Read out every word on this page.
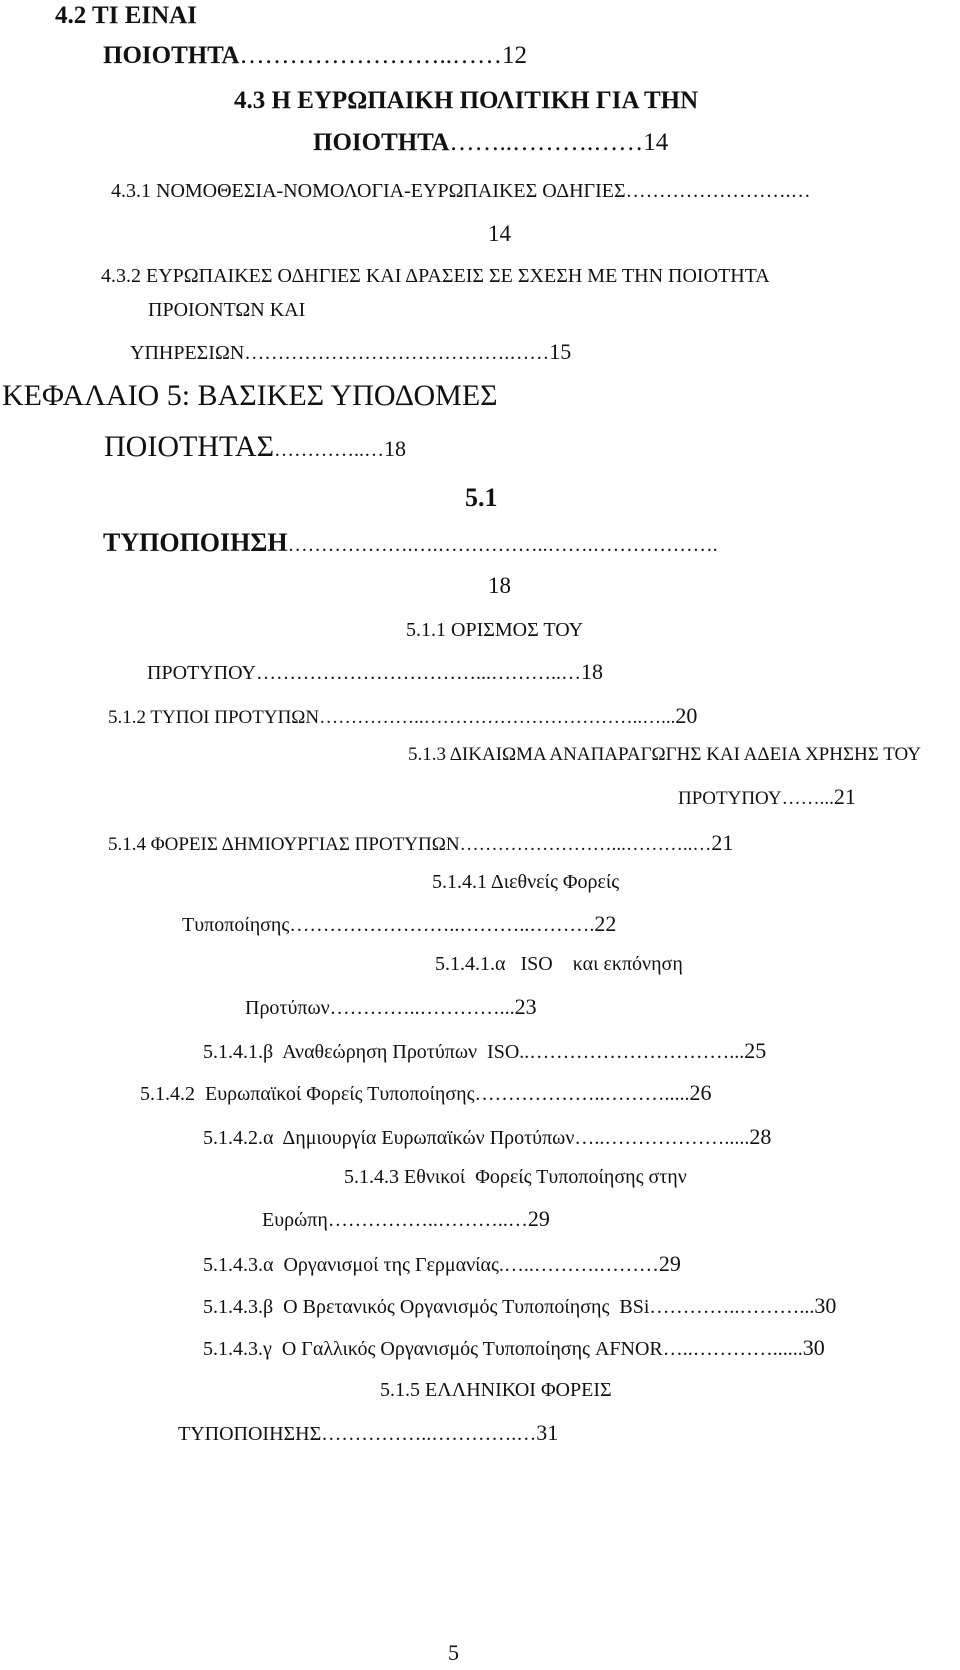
4.2 ΤΙ ΕΙΝΑΙ
ΠΟΙΟΤΗΤΑ……………………..……12
4.3 Η ΕΥΡΩΠΑΙΚΗ ΠΟΛΙΤΙΚΗ ΓΙΑ ΤΗΝ
ΠΟΙΟΤΗΤΑ……..……….……14
4.3.1 ΝΟΜΟΘΕΣΙΑ-ΝΟΜΟΛΟΓΙΑ-ΕΥΡΩΠΑΙΚΕΣ ΟΔΗΓΙΕΣ…………………….…
14
4.3.2 ΕΥΡΩΠΑΙΚΕΣ ΟΔΗΓΙΕΣ ΚΑΙ ΔΡΑΣΕΙΣ ΣΕ ΣΧΕΣΗ ΜΕ ΤΗΝ ΠΟΙΟΤΗΤΑ
ΠΡΟΙΟΝΤΩΝ ΚΑΙ
ΥΠΗΡΕΣΙΩΝ………………………………….……15
ΚΕΦΑΛΑΙΟ 5: ΒΑΣΙΚΕΣ ΥΠΟΔΟΜΕΣ
ΠΟΙΟΤΗΤΑΣ…………..…18
5.1
ΤΥΠΟΠΟΙΗΣΗ……………….….……………..…….……………….
18
5.1.1 ΟΡΙΣΜΟΣ ΤΟΥ
ΠΡΟΤΥΠΟΥ……………………………...………..…18
5.1.2 ΤΥΠΟΙ ΠΡΟΤΥΠΩΝ……………..……………………………..…...20
5.1.3 ΔΙΚΑΙΩΜΑ ΑΝΑΠΑΡΑΓΩΓΗΣ ΚΑΙ ΑΔΕΙΑ ΧΡΗΣΗΣ ΤΟΥ
ΠΡΟΤΥΠΟΥ……...21
5.1.4 ΦΟΡΕΙΣ ΔΗΜΙΟΥΡΓΙΑΣ ΠΡΟΤΥΠΩΝ……………………...………..…21
5.1.4.1 Διεθνείς Φορείς
Τυποποίησης……………………..………..……….22
5.1.4.1.α   ISO    και εκπόνηση
Προτύπων…………..…………...23
5.1.4.1.β  Αναθεώρηση Προτύπων  ISO..…………………………...25
5.1.4.2  Ευρωπαϊκοί Φορείς Τυποποίησης………………..……….....26
5.1.4.2.α  Δημιουργία Ευρωπαϊκών Προτύπων…..……………….....28
5.1.4.3 Εθνικοί  Φορείς Τυποποίησης στην
Ευρώπη……………..………..…29
5.1.4.3.α  Οργανισμοί της Γερμανίας.…..……….………29
5.1.4.3.β  Ο Βρετανικός Οργανισμός Τυποποίησης  BSi…………..………...30
5.1.4.3.γ  Ο Γαλλικός Οργανισμός Τυποποίησης AFNOR…..…………......30
5.1.5 ΕΛΛΗΝΙΚΟΙ ΦΟΡΕΙΣ
ΤΥΠΟΠΟΙΗΣΗΣ……………..………….…31
5
